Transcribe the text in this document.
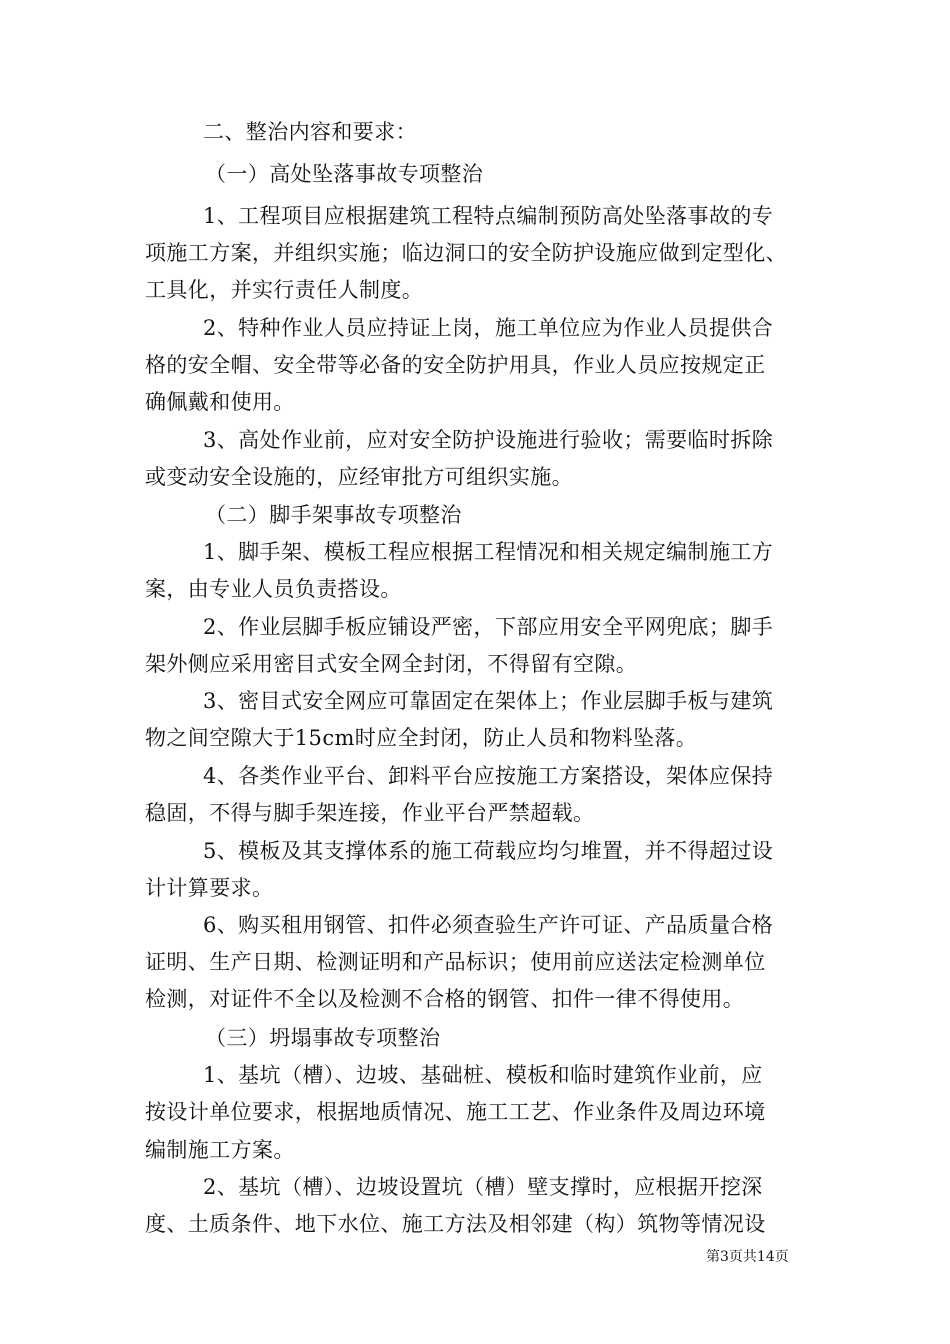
二、整治内容和要求：
（一）高处坠落事故专项整治
1、工程项目应根据建筑工程特点编制预防高处坠落事故的专
项施工方案，并组织实施；临边洞口的安全防护设施应做到定型化、
工具化，并实行责任人制度。
2、特种作业人员应持证上岗，施工单位应为作业人员提供合
格的安全帽、安全带等必备的安全防护用具，作业人员应按规定正
确佩戴和使用。
3、高处作业前，应对安全防护设施进行验收；需要临时拆除
或变动安全设施的，应经审批方可组织实施。
（二）脚手架事故专项整治
1、脚手架、模板工程应根据工程情况和相关规定编制施工方
案，由专业人员负责搭设。
2、作业层脚手板应铺设严密，下部应用安全平网兜底；脚手
架外侧应采用密目式安全网全封闭，不得留有空隙。
3、密目式安全网应可靠固定在架体上；作业层脚手板与建筑
物之间空隙大于15cm时应全封闭，防止人员和物料坠落。
4、各类作业平台、卸料平台应按施工方案搭设，架体应保持
稳固，不得与脚手架连接，作业平台严禁超载。
5、模板及其支撑体系的施工荷载应均匀堆置，并不得超过设
计计算要求。
6、购买租用钢管、扣件必须查验生产许可证、产品质量合格
证明、生产日期、检测证明和产品标识；使用前应送法定检测单位
检测，对证件不全以及检测不合格的钢管、扣件一律不得使用。
（三）坍塌事故专项整治
1、基坑（槽）、边坡、基础桩、模板和临时建筑作业前，应
按设计单位要求，根据地质情况、施工工艺、作业条件及周边环境
编制施工方案。
2、基坑（槽）、边坡设置坑（槽）壁支撑时，应根据开挖深
度、土质条件、地下水位、施工方法及相邻建（构）筑物等情况设
第3页共14页
